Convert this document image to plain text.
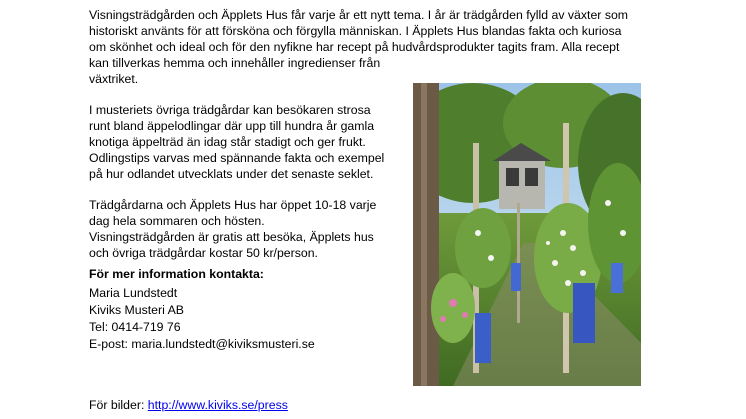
Visningsträdgården och Äpplets Hus får varje år ett nytt tema. I år är trädgården fylld av växter som
historiskt använts för att försköna och förgylla människan. I Äpplets Hus blandas fakta och kuriosa
om skönhet och ideal och för den nyfikne har recept på hudvårdsprodukter tagits fram. Alla recept
kan tillverkas hemma och innehåller ingredienser från
växtriket.
I musteriets övriga trädgårdar kan besökaren strosa
runt bland äppelodlingar där upp till hundra år gamla
knotiga äppelträd än idag står stadigt och ger frukt.
Odlingstips varvas med spännande fakta och exempel
på hur odlandet utvecklats under det senaste seklet.
Trädgårdarna och Äpplets Hus har öppet 10-18 varje
dag hela sommaren och hösten.
Visningsträdgården är gratis att besöka, Äpplets hus
och övriga trädgårdar kostar 50 kr/person.
För mer information kontakta:
Maria Lundstedt
Kiviks Musteri AB
Tel: 0414-719 76
E-post: maria.lundstedt@kiviksmusteri.se
För bilder: http://www.kiviks.se/press
